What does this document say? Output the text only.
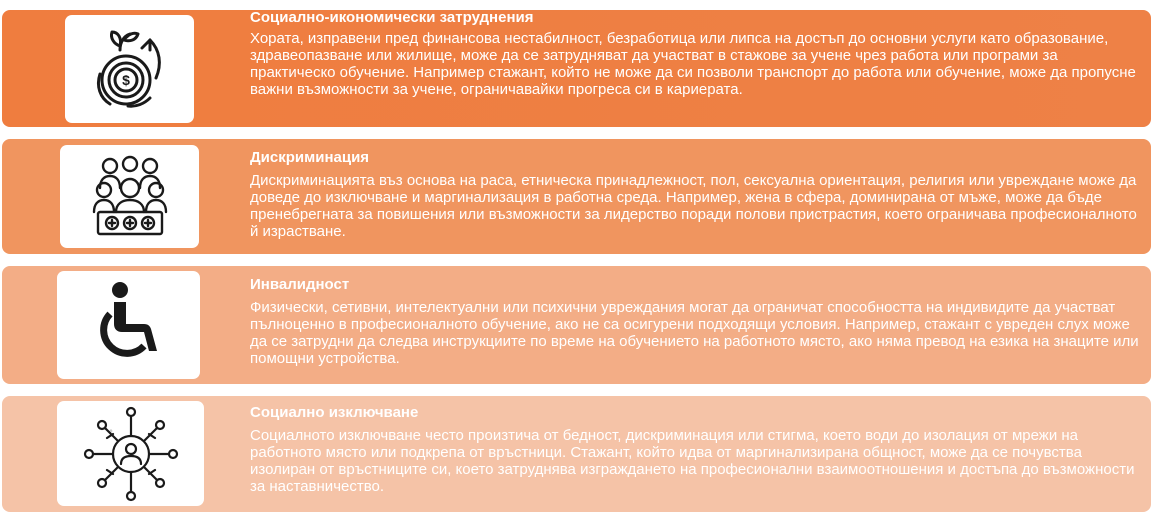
$
Социално-икономически затруднения
Хората, изправени пред финансова нестабилност, безработица или липса на достъп до основни услуги като образование, здравеопазване или жилище, може да се затрудняват да участват в стажове за учене чрез работа или програми за практическо обучение. Например стажант, който не може да си позволи транспорт до работа или обучение, може да пропусне важни възможности за учене, ограничавайки прогреса си в кариерата.
Дискриминация
Дискриминацията въз основа на раса, етническа принадлежност, пол, сексуална ориентация, религия или увреждане може да доведе до изключване и маргинализация в работна среда. Например, жена в сфера, доминирана от мъже, може да бъде пренебрегната за повишения или възможности за лидерство поради полови пристрастия, което ограничава професионалното й израстване.
Инвалидност
Физически, сетивни, интелектуални или психични увреждания могат да ограничат способността на индивидите да участват пълноценно в професионалното обучение, ако не са осигурени подходящи условия. Например, стажант с увреден слух може да се затрудни да следва инструкциите по време на обучението на работното място, ако няма превод на езика на знаците или помощни устройства.
Социално изключване
Социалното изключване често произтича от бедност, дискриминация или стигма, което води до изолация от мрежи на работното място или подкрепа от връстници. Стажант, който идва от маргинализирана общност, може да се почувства изолиран от връстниците си, което затруднява изграждането на професионални взаимоотношения и достъпа до възможности за наставничество.
